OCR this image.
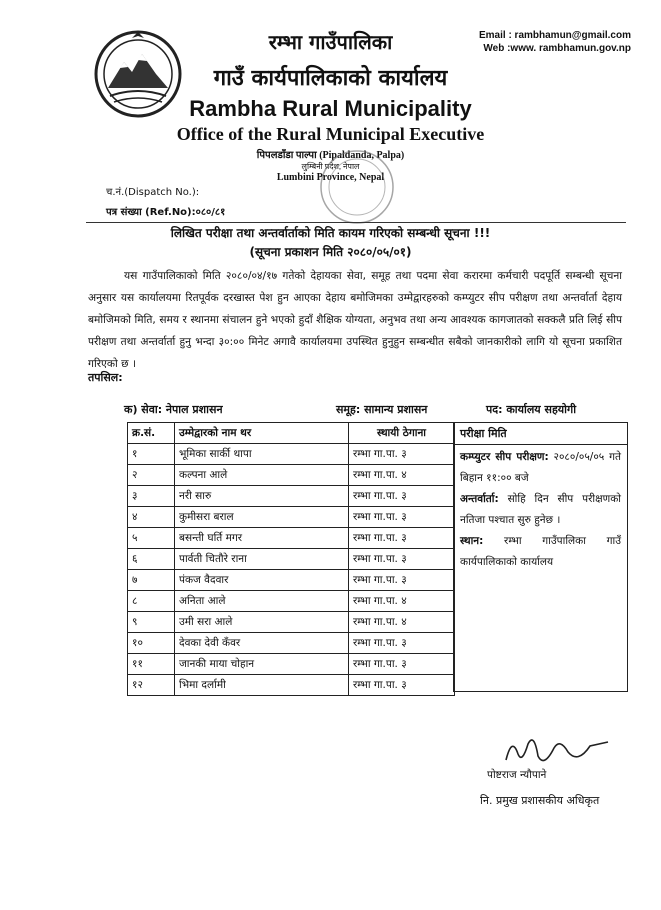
रम्भा गाउँपालिका
गाउँ कार्यपालिकाको कार्यालय
Rambha Rural Municipality
Office of the Rural Municipal Executive
पिपलडाँडा पाल्पा (Pipaldanda, Palpa)
लुम्बिनी प्रदेश, नेपाल
Lumbini Province, Nepal
Email : rambhamun@gmail.com
Web :www. rambhamun.gov.np
च.नं.(Dispatch No.):
पत्र संख्या (Ref.No):०८०/८१
लिखित परीक्षा तथा अन्तर्वार्ताको मिति कायम गरिएको सम्बन्धी सूचना !!!
(सूचना प्रकाशन मिति २०८०/०५/०१)
यस गाउँपालिकाको मिति २०८०/०४/१७ गतेको देहायका सेवा, समूह तथा पदमा सेवा करारमा कर्मचारी पदपूर्ति सम्बन्धी सूचना अनुसार यस कार्यालयमा रितपूर्वक दरखास्त पेश हुन आएका देहाय बमोजिमका उम्मेद्वारहरुको कम्प्युटर सीप परीक्षण तथा अन्तर्वार्ता देहाय बमोजिमको मिति, समय र स्थानमा संचालन हुने भएको हुदाँ शैक्षिक योग्यता, अनुभव तथा अन्य आवश्यक कागजातको सक्कलै प्रति लिई सीप परीक्षण तथा अन्तर्वार्ता हुनु भन्दा ३०:०० मिनेट अगावै कार्यालयमा उपस्थित हुनुहुन सम्बन्धीत सबैको जानकारीको लागि यो सूचना प्रकाशित गरिएको छ ।
तपसिल:
क) सेवा: नेपाल प्रशासन	समूह: सामान्य प्रशासन	पद: कार्यालय सहयोगी
क्र.सं.	उम्मेद्वारको नाम थर	स्थायी ठेगाना
१	भूमिका सार्की थापा	रम्भा गा.पा. ३
२	कल्पना आले	रम्भा गा.पा. ४
३	नरी सारु	रम्भा गा.पा. ३
४	कुमीसरा बराल	रम्भा गा.पा. ३
५	बसन्ती घर्ति मगर	रम्भा गा.पा. ३
६	पार्वती चितौरे राना	रम्भा गा.पा. ३
७	पंकज वैदवार	रम्भा गा.पा. ३
८	अनिता आले	रम्भा गा.पा. ४
९	उमी सरा आले	रम्भा गा.पा. ४
१०	देवका देवी कँवर	रम्भा गा.पा. ३
११	जानकी माया चोहान	रम्भा गा.पा. ३
१२	भिमा दर्लामी	रम्भा गा.पा. ३
परीक्षा मिति
कम्प्युटर सीप परीक्षण: २०८०/०५/०५ गते बिहान ११:०० बजे
अन्तर्वार्ता: सोहि दिन सीप परीक्षणको नतिजा पश्चात सुरु हुनेछ ।
स्थान: रम्भा गाउँपालिका गाउँ कार्यपालिकाको कार्यालय
पोष्टराज न्यौपाने
नि. प्रमुख प्रशासकीय अधिकृत
